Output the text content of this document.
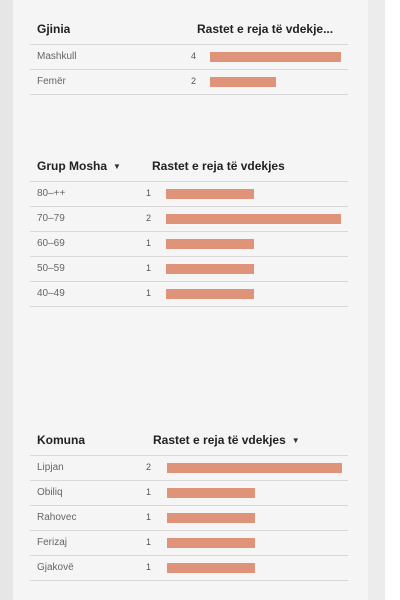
Gjinia	Rastet e reja të vdekje...
Mashkull	4
Femër	2
Grup Mosha ▼	Rastet e reja të vdekjes
80–++	1
70–79	2
60–69	1
50–59	1
40–49	1
Komuna	Rastet e reja të vdekjes ▼
Lipjan	2
Obiliq	1
Rahovec	1
Ferizaj	1
Gjakovë	1
